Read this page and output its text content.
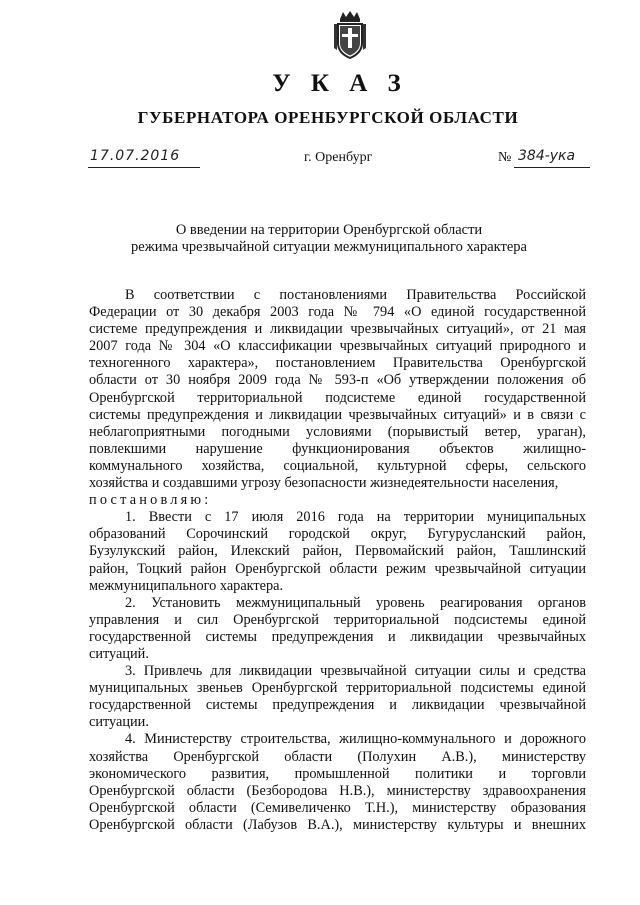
У К А З
ГУБЕРНАТОРА ОРЕНБУРГСКОЙ ОБЛАСТИ
17.07.2016	г. Оренбург	№ 384-ука
О введении на территории Оренбургской области
режима чрезвычайной ситуации межмуниципального характера
В соответствии с постановлениями Правительства Российской
Федерации от 30 декабря 2003 года № 794 «О единой государственной
системе предупреждения и ликвидации чрезвычайных ситуаций», от 21 мая
2007 года № 304 «О классификации чрезвычайных ситуаций природного и
техногенного характера», постановлением Правительства Оренбургской
области от 30 ноября 2009 года № 593-п «Об утверждении положения об
Оренбургской территориальной подсистеме единой государственной
системы предупреждения и ликвидации чрезвычайных ситуаций» и в связи с
неблагоприятными погодными условиями (порывистый ветер, ураган),
повлекшими нарушение функционирования объектов жилищно-
коммунального хозяйства, социальной, культурной сферы, сельского
хозяйства и создавшими угрозу безопасности жизнедеятельности населения,
постановляю:
1. Ввести с 17 июля 2016 года на территории муниципальных
образований Сорочинский городской округ, Бугурусланский район,
Бузулукский район, Илекский район, Первомайский район, Ташлинский
район, Тоцкий район Оренбургской области режим чрезвычайной ситуации
межмуниципального характера.
2. Установить межмуниципальный уровень реагирования органов
управления и сил Оренбургской территориальной подсистемы единой
государственной системы предупреждения и ликвидации чрезвычайных
ситуаций.
3. Привлечь для ликвидации чрезвычайной ситуации силы и средства
муниципальных звеньев Оренбургской территориальной подсистемы единой
государственной системы предупреждения и ликвидации чрезвычайной
ситуации.
4. Министерству строительства, жилищно-коммунального и дорожного
хозяйства Оренбургской области (Полухин А.В.), министерству
экономического развития, промышленной политики и торговли
Оренбургской области (Безбородова Н.В.), министерству здравоохранения
Оренбургской области (Семивеличенко Т.Н.), министерству образования
Оренбургской области (Лабузов В.А.), министерству культуры и внешних
